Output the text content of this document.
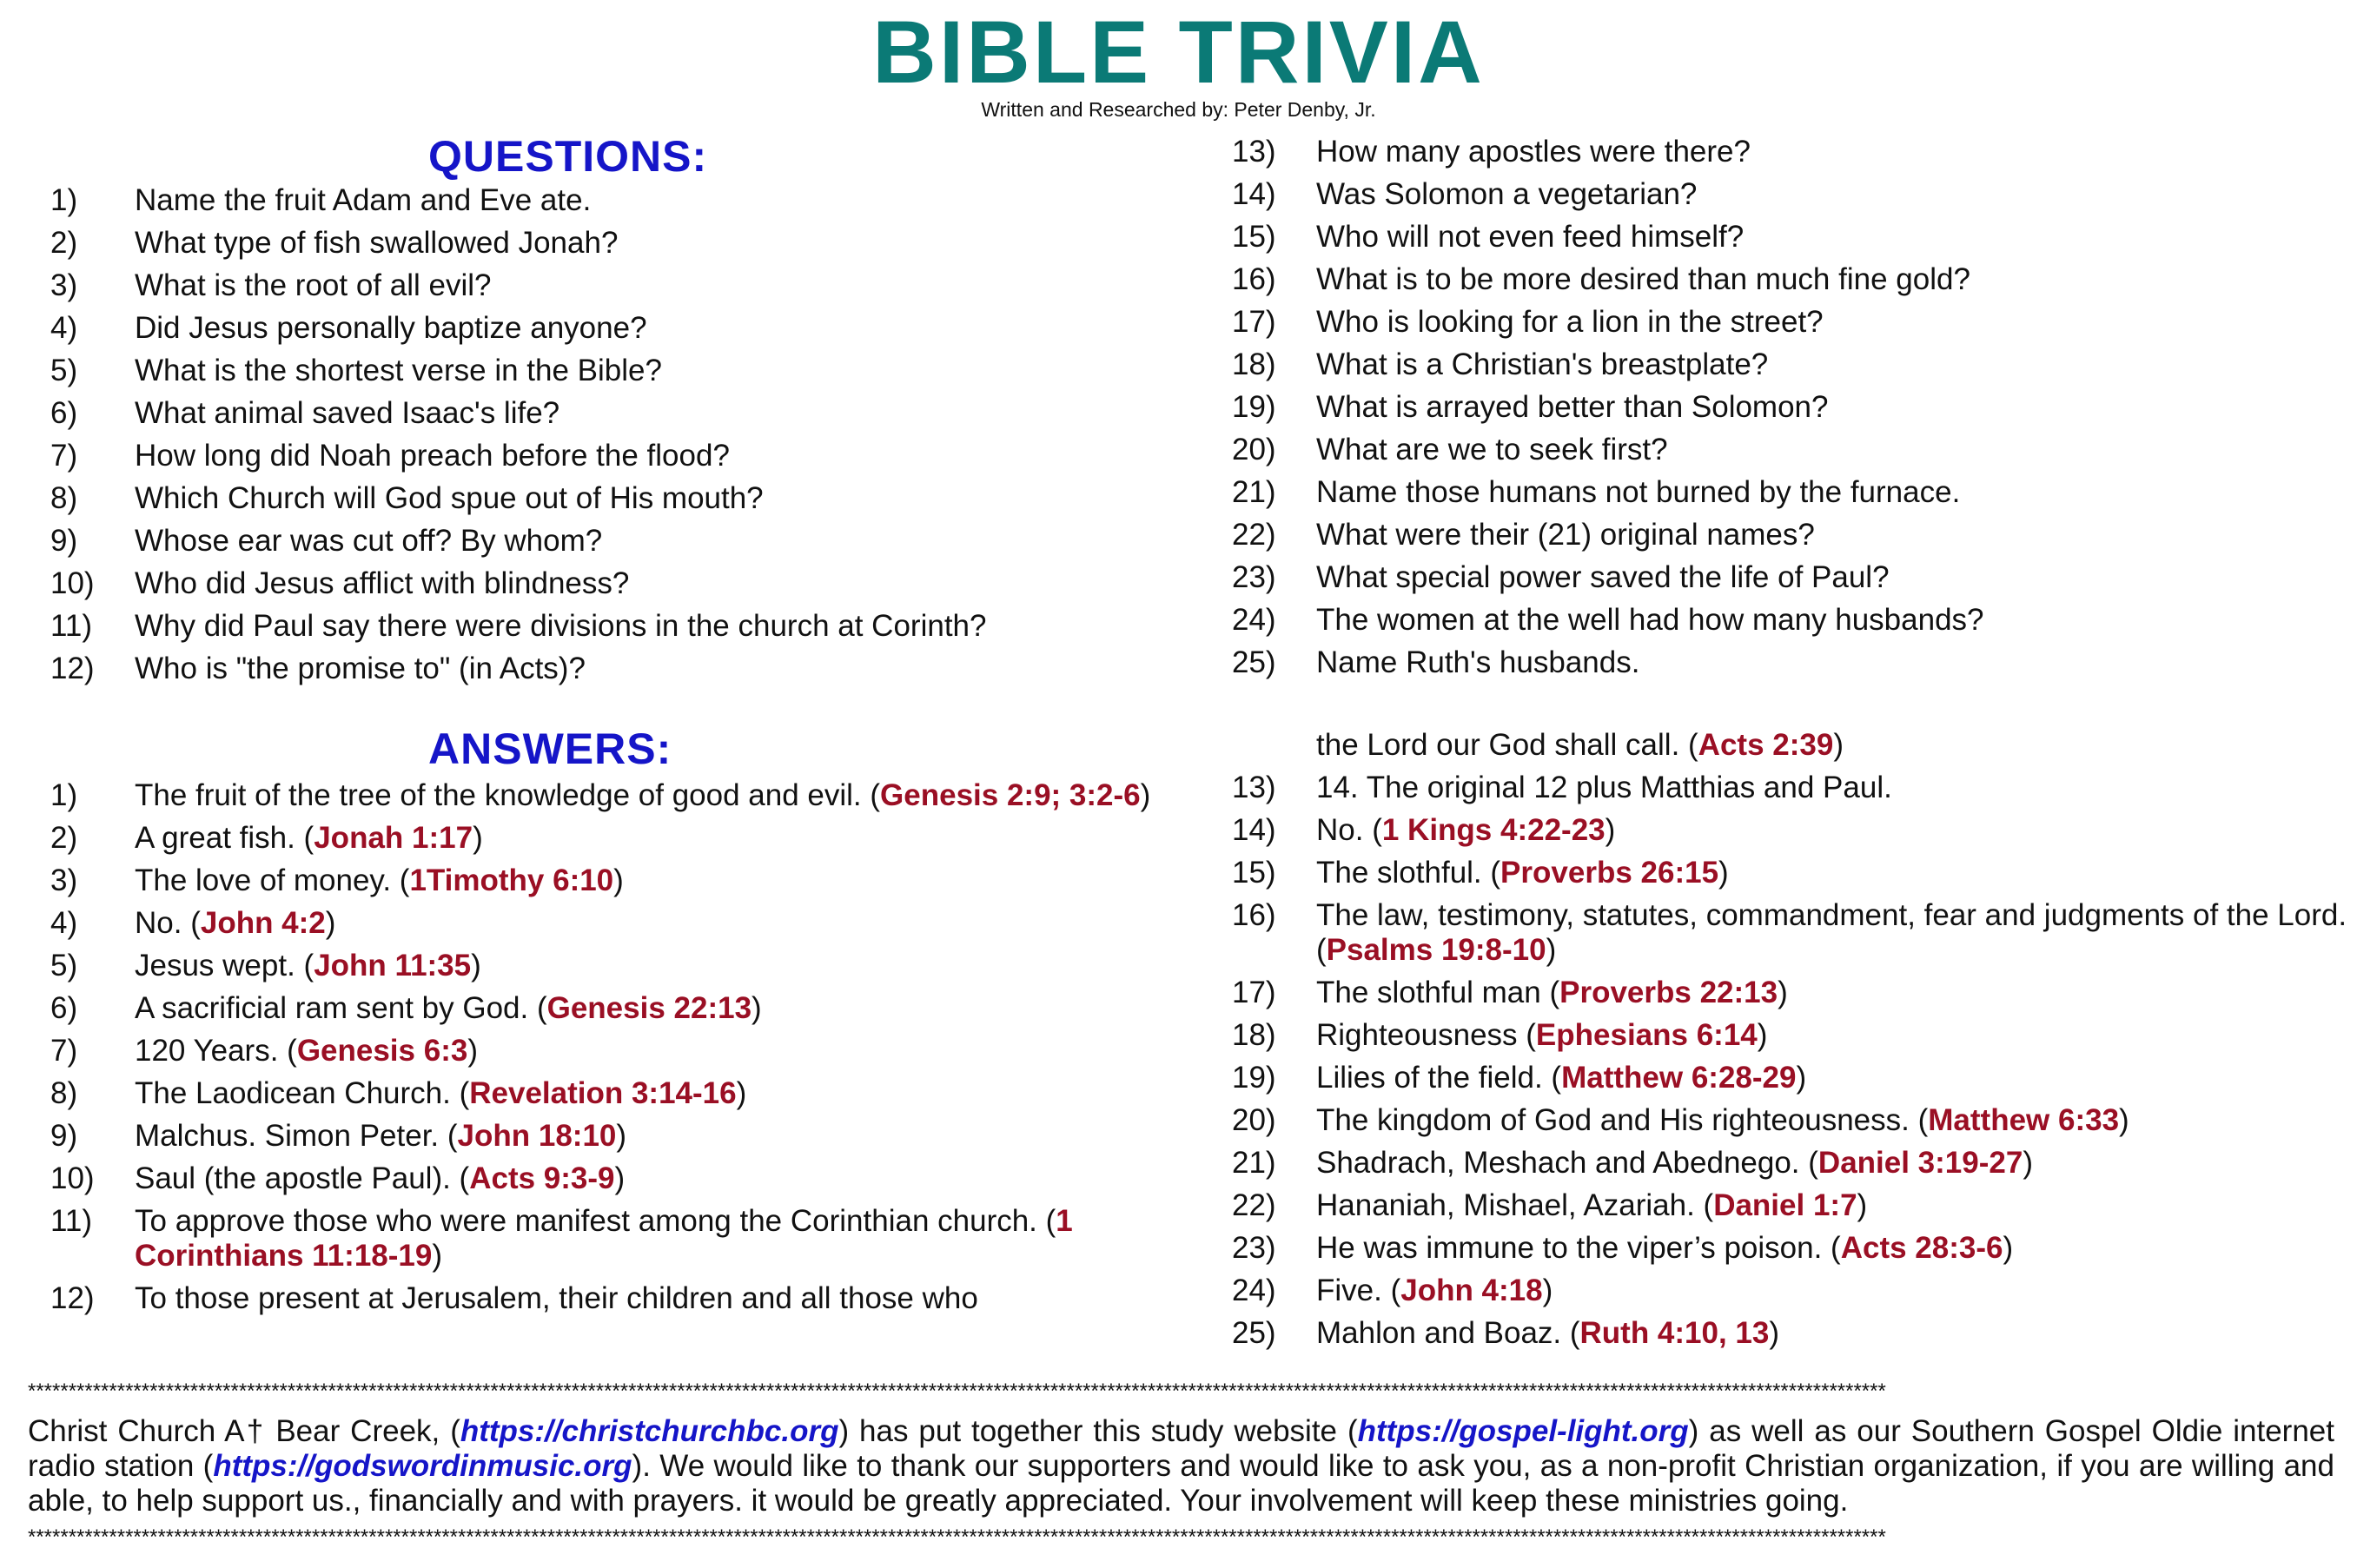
BIBLE TRIVIA
Written and Researched by: Peter Denby, Jr.
QUESTIONS:
1) Name the fruit Adam and Eve ate.
2) What type of fish swallowed Jonah?
3) What is the root of all evil?
4) Did Jesus personally baptize anyone?
5) What is the shortest verse in the Bible?
6) What animal saved Isaac's life?
7) How long did Noah preach before the flood?
8) Which Church will God spue out of His mouth?
9) Whose ear was cut off? By whom?
10) Who did Jesus afflict with blindness?
11) Why did Paul say there were divisions in the church at Corinth?
12) Who is "the promise to" (in Acts)?
13) How many apostles were there?
14) Was Solomon a vegetarian?
15) Who will not even feed himself?
16) What is to be more desired than much fine gold?
17) Who is looking for a lion in the street?
18) What is a Christian's breastplate?
19) What is arrayed better than Solomon?
20) What are we to seek first?
21) Name those humans not burned by the furnace.
22) What were their (21) original names?
23) What special power saved the life of Paul?
24) The women at the well had how many husbands?
25) Name Ruth's husbands.
ANSWERS:
1) The fruit of the tree of the knowledge of good and evil. (Genesis 2:9; 3:2-6)
2) A great fish. (Jonah 1:17)
3) The love of money. (1Timothy 6:10)
4) No. (John 4:2)
5) Jesus wept. (John 11:35)
6) A sacrificial ram sent by God. (Genesis 22:13)
7) 120 Years. (Genesis 6:3)
8) The Laodicean Church. (Revelation 3:14-16)
9) Malchus. Simon Peter. (John 18:10)
10) Saul (the apostle Paul). (Acts 9:3-9)
11) To approve those who were manifest among the Corinthian church. (1 Corinthians 11:18-19)
12) To those present at Jerusalem, their children and all those who
the Lord our God shall call. (Acts 2:39)
13) 14. The original 12 plus Matthias and Paul.
14) No. (1 Kings 4:22-23)
15) The slothful. (Proverbs 26:15)
16) The law, testimony, statutes, commandment, fear and judgments of the Lord. (Psalms 19:8-10)
17) The slothful man (Proverbs 22:13)
18) Righteousness (Ephesians 6:14)
19) Lilies of the field. (Matthew 6:28-29)
20) The kingdom of God and His righteousness. (Matthew 6:33)
21) Shadrach, Meshach and Abednego. (Daniel 3:19-27)
22) Hananiah, Mishael, Azariah. (Daniel 1:7)
23) He was immune to the viper’s poison. (Acts 28:3-6)
24) Five. (John 4:18)
25) Mahlon and Boaz. (Ruth 4:10, 13)
*************************************************************************************************************************************************************************************************************************************
Christ Church A† Bear Creek, (https://christchurchbc.org) has put together this study website (https://gospel-light.org) as well as our Southern Gospel Oldie internet radio station (https://godswordinmusic.org). We would like to thank our supporters and would like to ask you, as a non-profit Christian organization, if you are willing and able, to help support us., financially and with prayers. it would be greatly appreciated. Your involvement will keep these ministries going.
*************************************************************************************************************************************************************************************************************************************
